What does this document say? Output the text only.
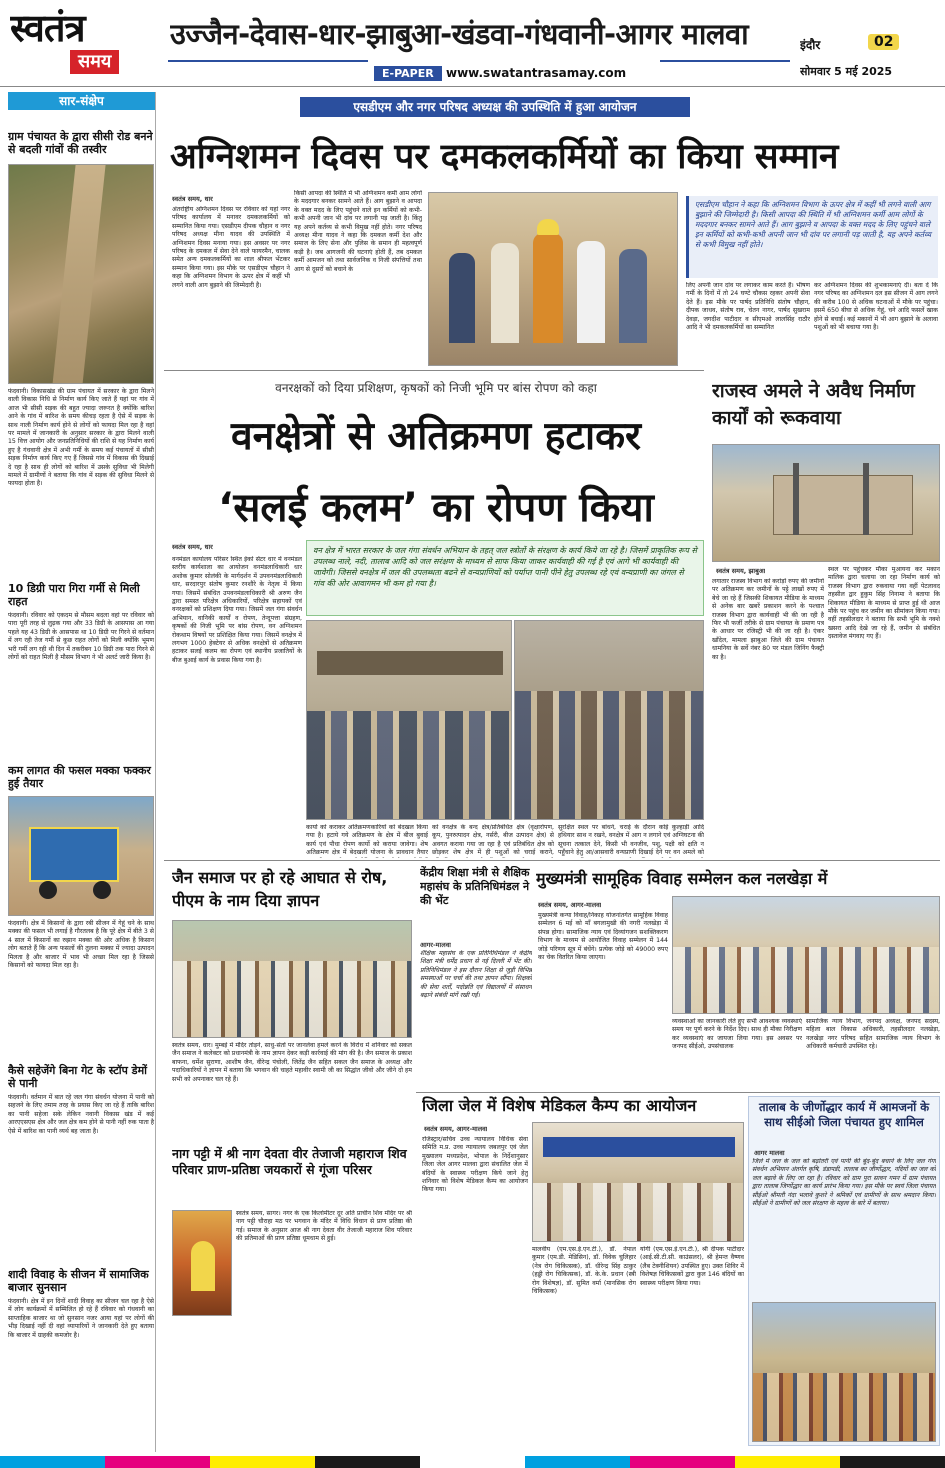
स्वतंत्र
समय
उज्जैन-देवास-धार-झाबुआ-खंडवा-गंधवानी-आगर मालवा
E-PAPER	www.swatantrasamay.com
इंदौर	02
सोमवार 5 मई 2025
सार-संक्षेप
ग्राम पंचायत के द्वारा सीसी रोड बनने से बदली गांवों की तस्वीर
फंदवानी। विकासखंड की ग्राम पंचायत में सरकार के द्वारा मिलने वाली विकास निधि से निर्माण कार्य किए जाते हैं यहां पर गांव में आज भी सीसी सड़क की बहुत ज्यादा जरूरत है क्योंकि बारिश आने के गांव में बारिश के समय कीचड़ रहता है ऐसे में सड़क के साथ नाली निर्माण कार्य होने से लोगों को फायदा मिल रहा है वहां पर मामले में जानकारी के अनुसार सरकार के द्वारा मिलने वाली 15 वित्त आयोग और जनप्रतिनिधियों की राशि से यह निर्माण कार्य हुए है गंधवानी क्षेत्र में अभी गर्मी के समय कई पंचायतों में सीसी सड़क निर्माण कार्य किए गए हैं जिससे गांव में विकास की दिखाई दे रहा है साथ ही लोगों को बारिश में उसके सुविधा भी मिलेगी मामले में ग्रामीणों ने बताया कि गांव में सड़क की सुविधा मिलने से फायदा होता है।
10 डिग्री पारा गिरा गर्मी से मिली राहत
फंदवानी। रविवार को एकदम से मौसम बदला वहां पर रविवार को पारा पूरी तरह से लुढ़क गया और 33 डिग्री के आसपास आ गया पहले यह 43 डिग्री के आसपास था 10 डिग्री पर गिरने से वर्तमान में लग रही तेज गर्मी से कुछ राहत लोगों को मिली क्योंकि भूमण भरी गर्मी लग रही थी दिन में तकरीबन 10 डिग्री तक पारा गिरने से लोगों को राहत मिली है मौसम विभाग ने भी अलर्ट जारी किया है।
कम लागत की फसल मक्का फक्कर हुई तैयार
फंदवानी। क्षेत्र में किसानों के द्वारा रबी सीजन में गेहूं चने के साथ मक्का की फसल भी लगाई है गौरतलब है कि पूरे क्षेत्र में बीते 3 से 4 साल में किसानों का रुझान मक्का की ओर अधिक है किसान लोग बताते हैं कि अन्य फसलों की तुलना मक्का में ज्यादा उत्पादन मिलता है और बाजार में भाव भी अच्छा मिल रहा है जिससे किसानों को फायदा मिल रहा है।
कैसे सहेजेंगे बिना गेट के स्टॉप डेमों से पानी
फंदवानी। वर्तमान में बात रहे जल गंगा संवर्धन योजना में पानी को सहजने के लिए तमाम तरह के प्रयास किए जा रहे हैं ताकि बारिश का पानी सहेजा सके लेकिन नवानी विकास खंड में कई आरएएसएस क्षेत्र और जल क्षेत्र कम होने से पानी नहीं रुक पाता है ऐसे में बारिश का पानी व्यर्थ बह जाता है।
शादी विवाह के सीजन में सामाजिक बाजार सुनसान
फंदवानी। क्षेत्र में इन दिनों शादी विवाह का सीजन चल रहा है ऐसे में लोग कार्यक्रमों में सम्मिलित हो रहे हैं रविवार को गंधवानी का साप्ताहिक बाजार था जो सुनसान नजर आया यहां पर लोगों की भीड़ दिखाई नहीं दी वहां व्यापारियों ने जानकारी देते हुए बताया कि बाजार में ग्राहकी कमजोर है।
एसडीएम और नगर परिषद अध्यक्ष की उपस्थिति में हुआ आयोजन
अग्निशमन दिवस पर दमकलकर्मियों का किया सम्मान
स्वतंत्र समय, धार
अंतर्राष्ट्रीय अग्निशमन दिवस पर रविवार को यहां नगर परिषद कार्यालय में मनावर दमकलकर्मियों को सम्मानित किया गया। एसडीएम दीपक चौहान व नगर परिषद अध्यक्ष मीना यादव की उपस्थिति में अग्निशमन दिवस मनाया गया। इस अवसर पर नगर परिषद के दमकल में सेवा देने वाले फायरमैन, चालक समेत अन्य दमकलकर्मियों का शाल श्रीफल भेंटकर सम्मान किया गया। इस मौके पर एसडीएम चौहान ने कहा कि अग्निशमन विभाग के ऊपर क्षेत्र में कहीं भी लगने वाली आग बुझाने की जिम्मेदारी है।
किसी आपदा की स्थिति में भी अग्निशमन कर्मी आम लोगों के मददगार बनकर सामने आते हैं। आग बुझाने व आपदा के वक्त मदद के लिए पहुंचने वाले इन कर्मियों को कभी-कभी अपनी जान भी दांव पर लगानी पड़ जाती है। किंतु यह अपने कर्तव्य से कभी विमुख नहीं होते। नगर परिषद अध्यक्ष मीना यादव ने कहा कि दमकल कर्मी देश और समाज के लिए सेना और पुलिस के समान ही महत्वपूर्ण कड़ी है। जब आगजनी की घटनाएं होती हैं, तब दमकल कर्मी आमजन को तथा सार्वजनिक व निजी संपत्तियों तथा आग से दूसरों को बचाने के
एसडीएम चौहान ने कहा कि अग्निशमन विभाग के ऊपर क्षेत्र में कहीं भी लगने वाली आग बुझाने की जिम्मेदारी है। किसी आपदा की स्थिति में भी अग्निशमन कर्मी आम लोगों के मददगार बनकर सामने आते हैं। आग बुझाने व आपदा के वक्त मदद के लिए पहुंचने वाले इन कर्मियों को कभी-कभी अपनी जान भी दांव पर लगानी पड़ जाती है, यह अपने कर्तव्य से कभी विमुख नहीं होते।
लिए अपनी जान दांव पर लगाकर काम करते हैं। भीषण गर्मी के दिनों में तो 24 घण्टे चौकस रहकर अपनी सेवा देते हैं। इस मौके पर पार्षद प्रतिनिधि संतोष चौहान, दीपक जाधव, संतोष राव, चेतन नागर, पार्षद सुखराम देवड़ा, जगदीश पाटीदार व सीएमओ लालसिंह राठौर आदि ने भी दमकलकर्मियों का सम्मानित
कर अग्निशमन दिवस की शुभकामनाएं दी। बता दें कि नगर परिषद का अग्निशमन दल इस सीजन में आग लगने की करीब 100 से अधिक घटनाओं में मौके पर पहुंचा। इसमें 650 बीघा से अधिक गेहूं, चने आदि फसलें खाक होने से बचाईं। कई मकानों में भी आग बुझाने के अलावा पशुओं को भी बचाया गया है।
वनरक्षकों को दिया प्रशिक्षण, कृषकों को निजी भूमि पर बांस रोपण को कहा
वनक्षेत्रों से अतिक्रमण हटाकर
‘सलई कलम’ का रोपण किया
स्वतंत्र समय, धार	वन क्षेत्र में भारत सरकार के जल गंगा संवर्धन अभियान के तहत् जल स्त्रोतों के संरक्षण के कार्य किये जा रहे है। जिसमें प्राकृतिक रूप से उपलब्ध नाले, नदी, तालाब आदि को जल सरंक्षण के माध्यम से साफ किया जाकर कार्यवाही की गई है एवं आगे भी कार्यवाही की जावेगी। जिससे वनक्षेत्र में जल की उपलब्धता बढने से वन्यप्राणियों को पर्याप्त पानी पीने हेतु उपलब्ध रहे एवं वन्यप्राणी का जंगल से गांव की ओर आवागमन भी कम हो गया है।
वनमंडल कार्यालय परिसर स्थित ईको सेंटर धार में वनमंडल स्तरीय कार्यशाला का आयोजन वनमंडलाधिकारी धार अशोक कुमार सोलंकी के मार्गदर्शन में उपवनमंडलाधिकारी धार, सरदारपुर संतोष कुमार रनशौरे के नेतृत्व में किया गया। जिसमें संबंधित उपवनमंडलाधिकारी श्री अरुण जैन द्वारा समस्त परिक्षेत्र अधिकारियों, परिक्षेत्र सहायकों एवं वनरक्षकों को प्रशिक्षण दिया गया। जिसमें जल गंगा संवर्धन अभियान, वानिकी कार्यों व रोपण, तेन्दूपत्ता संग्रहण, कृषकों की निजी भूमि पर बांस रोपण, वन अग्निशमन रोकथाम विषयों पर प्रशिक्षित किया गया। जिसमें वनक्षेत्र में लगभग 1000 हेक्टेयर से अधिक वनक्षेत्रों से अतिक्रमण हटाकर सलई कलम का रोपण एवं स्थानीय प्रजातियों के बीज बुआई कार्य के प्रवास किया गया है।
कार्यो को कराकर अतिक्रमणकारियों को बेदखल किया गया है। हटाये गये अतिक्रमण के क्षेत्र में बीज बुवाई कार्य एवं पौधा रोपण कार्यो को कराया जावेगा। शेष अतिक्रमण क्षेत्र में बेदखली योजना के प्रावधान तैयार
को वनक्षेत्र के बन्द क्षेत्र/प्रतिबंधित क्षेत्र (वृक्षारोपण, कूप, पुनरुत्पादन क्षेत्र, नर्सरी, बीज उत्पादन क्षेत्र) से अवगत कराया गया जा रहा है एवं प्रतिबंधित क्षेत्र को छोड़कर शेष क्षेत्र में ही पशुओं को चराई कराने,
सुरक्षित स्थल पर बांधने, चराई के दौरान कोई कुल्हाड़ी आदि हथियार साथ न रखने, वनक्षेत्र में आग न लगाने एवं अग्निघटना की सूचना तत्काल देने, किसी भी वनजीव, पशु, पक्षी को क्षति न पहुँचाने हेतु आ/आसवारी वन्यप्राणी दिखाई देने पर वन अमले को
राजस्व अमले ने अवैध निर्माण कार्यों को रूकवाया
स्वतंत्र समय, झाबुआ
लगातार राजस्व विभाग को करोड़ों रुपए की जमीनों पर अतिक्रमण कर जमीनों के पट्टे लाखों रुपए में बेचे जा रहे हैं जिसकी शिकायत मीडिया के माध्यम से अनेक बार खबरें प्रकाशन करने के पश्चात राजस्व विभाग द्वारा कार्यवाही भी की जा रही है फिर भी फर्जी तरीके से ग्राम पंचायत के प्रमाण पत्र के आधार पर रजिस्ट्री भी की जा रही है। एंकर खाँदेल, मामला झाबुआ जिले की ग्राम पंचायत धामनिया के सर्वे नंबर 80 पर मंडल जिनिंग फैक्ट्री का है।
स्थल पर पहुंचकर मौका मुआयना कर मकान मालिक द्वारा चलाया जा रहा निर्माण कार्य को राजस्व विभाग द्वारा रुकवाया गया वहीं पेटलावद तहसील द्वार हुकुम सिंह निनामा ने बताया कि शिकायत मीडिया के माध्यम से प्राप्त हुई थी आज मौके पर पहुंच कर जमीन का सीमांकन किया गया। वहीं तहसीलदार ने बताया कि सभी भूमि के नक्शे खसरा आदि देखे जा रहे हैं, जमीन से संबंधित दस्तावेज मंगवाए गए हैं।
जैन समाज पर हो रहे आघात से रोष, पीएम के नाम दिया ज्ञापन
स्वतंत्र समय, धार। मुम्बई में मंदिर तोड़ने, साधु-संतों पर जानलेवा हमले करने के विरोध में शनिवार को सकल जैन समाज ने कलेक्टर को प्रधानमंत्री के नाम ज्ञापन देकर कड़ी कार्रवाई की मांग की है। जैन समाज के प्रकाश बाफना, धर्मेश सुराणा, आशीष जैन, वीरेन्द्र पंचोली, जितेंद्र जैन सहित सकल जैन समाज के अध्यक्ष और पदाधिकारियों ने ज्ञापन में बताया कि भगवान की चाहते महावीर स्वामी जी का सिद्धांत जीवो और जीने दो हम सभी को अपनाकर चल रहे हैं।
नाग पट्टी में श्री नाग देवता वीर तेजाजी महाराज शिव परिवार प्राण-प्रतिष्ठा जयकारों से गूंजा परिसर
स्वतंत्र समय, सागर। नगर के एक किलोमीटर दूर अति प्राचीन शिव मंदिर पर श्री नाग पट्टी चौराहा मठ पर भगवान के मंदिर में विधि विधान से प्राण प्रतिष्ठा की गई। समाज के अनुसार आज श्री नाग देवता वीर तेजाजी महाराज शिव परिवार की प्रतिमाओं की प्राण प्रतिष्ठा धूमधाम से हुई।
केंद्रीय शिक्षा मंत्री से शैक्षिक महासंघ के प्रतिनिधिमंडल ने की भेंट
आगर-मालवा
शैक्षिक महासंघ के एक प्रतिनिधिमंडल ने केंद्रीय शिक्षा मंत्री धर्मेंद्र प्रधान से नई दिल्ली में भेंट की। प्रतिनिधिमंडल ने इस दौरान शिक्षा से जुड़ी विभिन्न समस्याओं पर चर्चा की तथा ज्ञापन सौंपा। शिक्षकों की सेवा शर्तों, पदोन्नति एवं विद्यालयों में संसाधन बढ़ाने संबंधी मांगें रखी गईं।
मुख्यमंत्री सामूहिक विवाह सम्मेलन कल नलखेड़ा में
स्वतंत्र समय, आगर-मालवा
मुख्यमंत्री कन्या विवाह/निकाह योजनांतर्गत सामूहिक विवाह सम्मेलन 6 मई को माँ बगलामुखी की नगरी नलखेड़ा में संपन्न होगा। सामाजिक न्याय एवं दिव्यांगजन सशक्तिकरण विभाग के माध्यम से आयोजित विवाह सम्मेलन में 144 जोड़े परिणय सूत्र में बंधेंगे। प्रत्येक जोड़े को 49000 रुपए का चेक वितरित किया जाएगा।
व्यवस्थाओं का जानकारी लेते हुए सभी आवश्यक व्यवस्थाएं समय पर पूर्ण करने के निर्देश दिए। साथ ही मौका निरीक्षण कर व्यवस्थाएं का जायजा लिया गया। इस अवसर पर जनपद सीईओ, उपसंचालक
सामाजिक न्याय विभाग, जनपद अध्यक्ष, जनपद सदस्य, महिला बाल विकास अधिकारी, तहसीलदार नलखेड़ा, नलखेड़ा नगर परिषद सहित सामाजिक न्याय विभाग के अधिकारी कर्मचारी उपस्थित रहे।
जिला जेल में विशेष मेडिकल कैम्प का आयोजन
स्वतंत्र समय, आगर-मालवा
रजिस्ट्रार/सचिव उच्च न्यायालय विधिक सेवा समिति म.प्र. उच्च न्यायालय जबलपुर एवं जेल मुख्यालय मध्यप्रदेश, भोपाल के निर्देशानुसार जिला जेल आगर मालवा द्वारा संचालित जेल में बंदियों के स्वास्थ्य परीक्षण किये जाने हेतु शनिवार को विशेष मेडिकल कैम्प का आयोजन किया गया।
मालवीय (एम.एस.ई.एन.टी.), डॉ. नेपाल कुमार (एम.डी. मेडिसिन), डॉ. विवेक चुलिहार (नेत्र रोग चिकित्सक), डॉ. धीरेन्द्र सिंह ठाकुर (हड्डी रोग चिकित्सक), डॉ. के.के. प्रधान (स्त्री रोग विशेषज्ञ), डॉ. सुमित वर्मा (मानसिक रोग चिकित्सक)
योगी (एम.एस.ई.एन.टी.), श्री दीपक पाटीदार (आई.सी.टी.सी. काउंसलर), श्री हेमन्त वैष्णव (लैब टेक्नीशियन) उपस्थित हुए। उक्त शिविर में विशेषज्ञ चिकित्सकों द्वारा कुल 146 बंदियों का स्वास्थ्य परीक्षण किया गया।
तालाब के जीर्णोद्धार कार्य में आमजनों के साथ सीईओ जिला पंचायत हुए शामिल
आगर मालवा
जिले में जल के जल को बढ़ोतरी एवं पानी की बूंद-बूंद बचाने के लिए जल गंगा संवर्धन अभियान अंतर्गत कृषि, डंडापडी, तालाब का जीर्णोद्धार, नदियों का जल को जल बढ़ावे के लिए जा रहा है। रविवार को ग्राम पुरा सावन गमन में ग्राम पंचायत द्वारा तालाब जिर्णोद्धार का कार्य प्रारंभ किया गया। इस मौके पर स्वयं जिला पंचायत सीईओ श्रीमती नंदा भलावे कुशरे ने श्रमिकों एवं ग्रामीणों के साथ श्रमदान किया। सीईओ ने ग्रामीणों को जल संरक्षण के महत्व के बारे में बताया।
